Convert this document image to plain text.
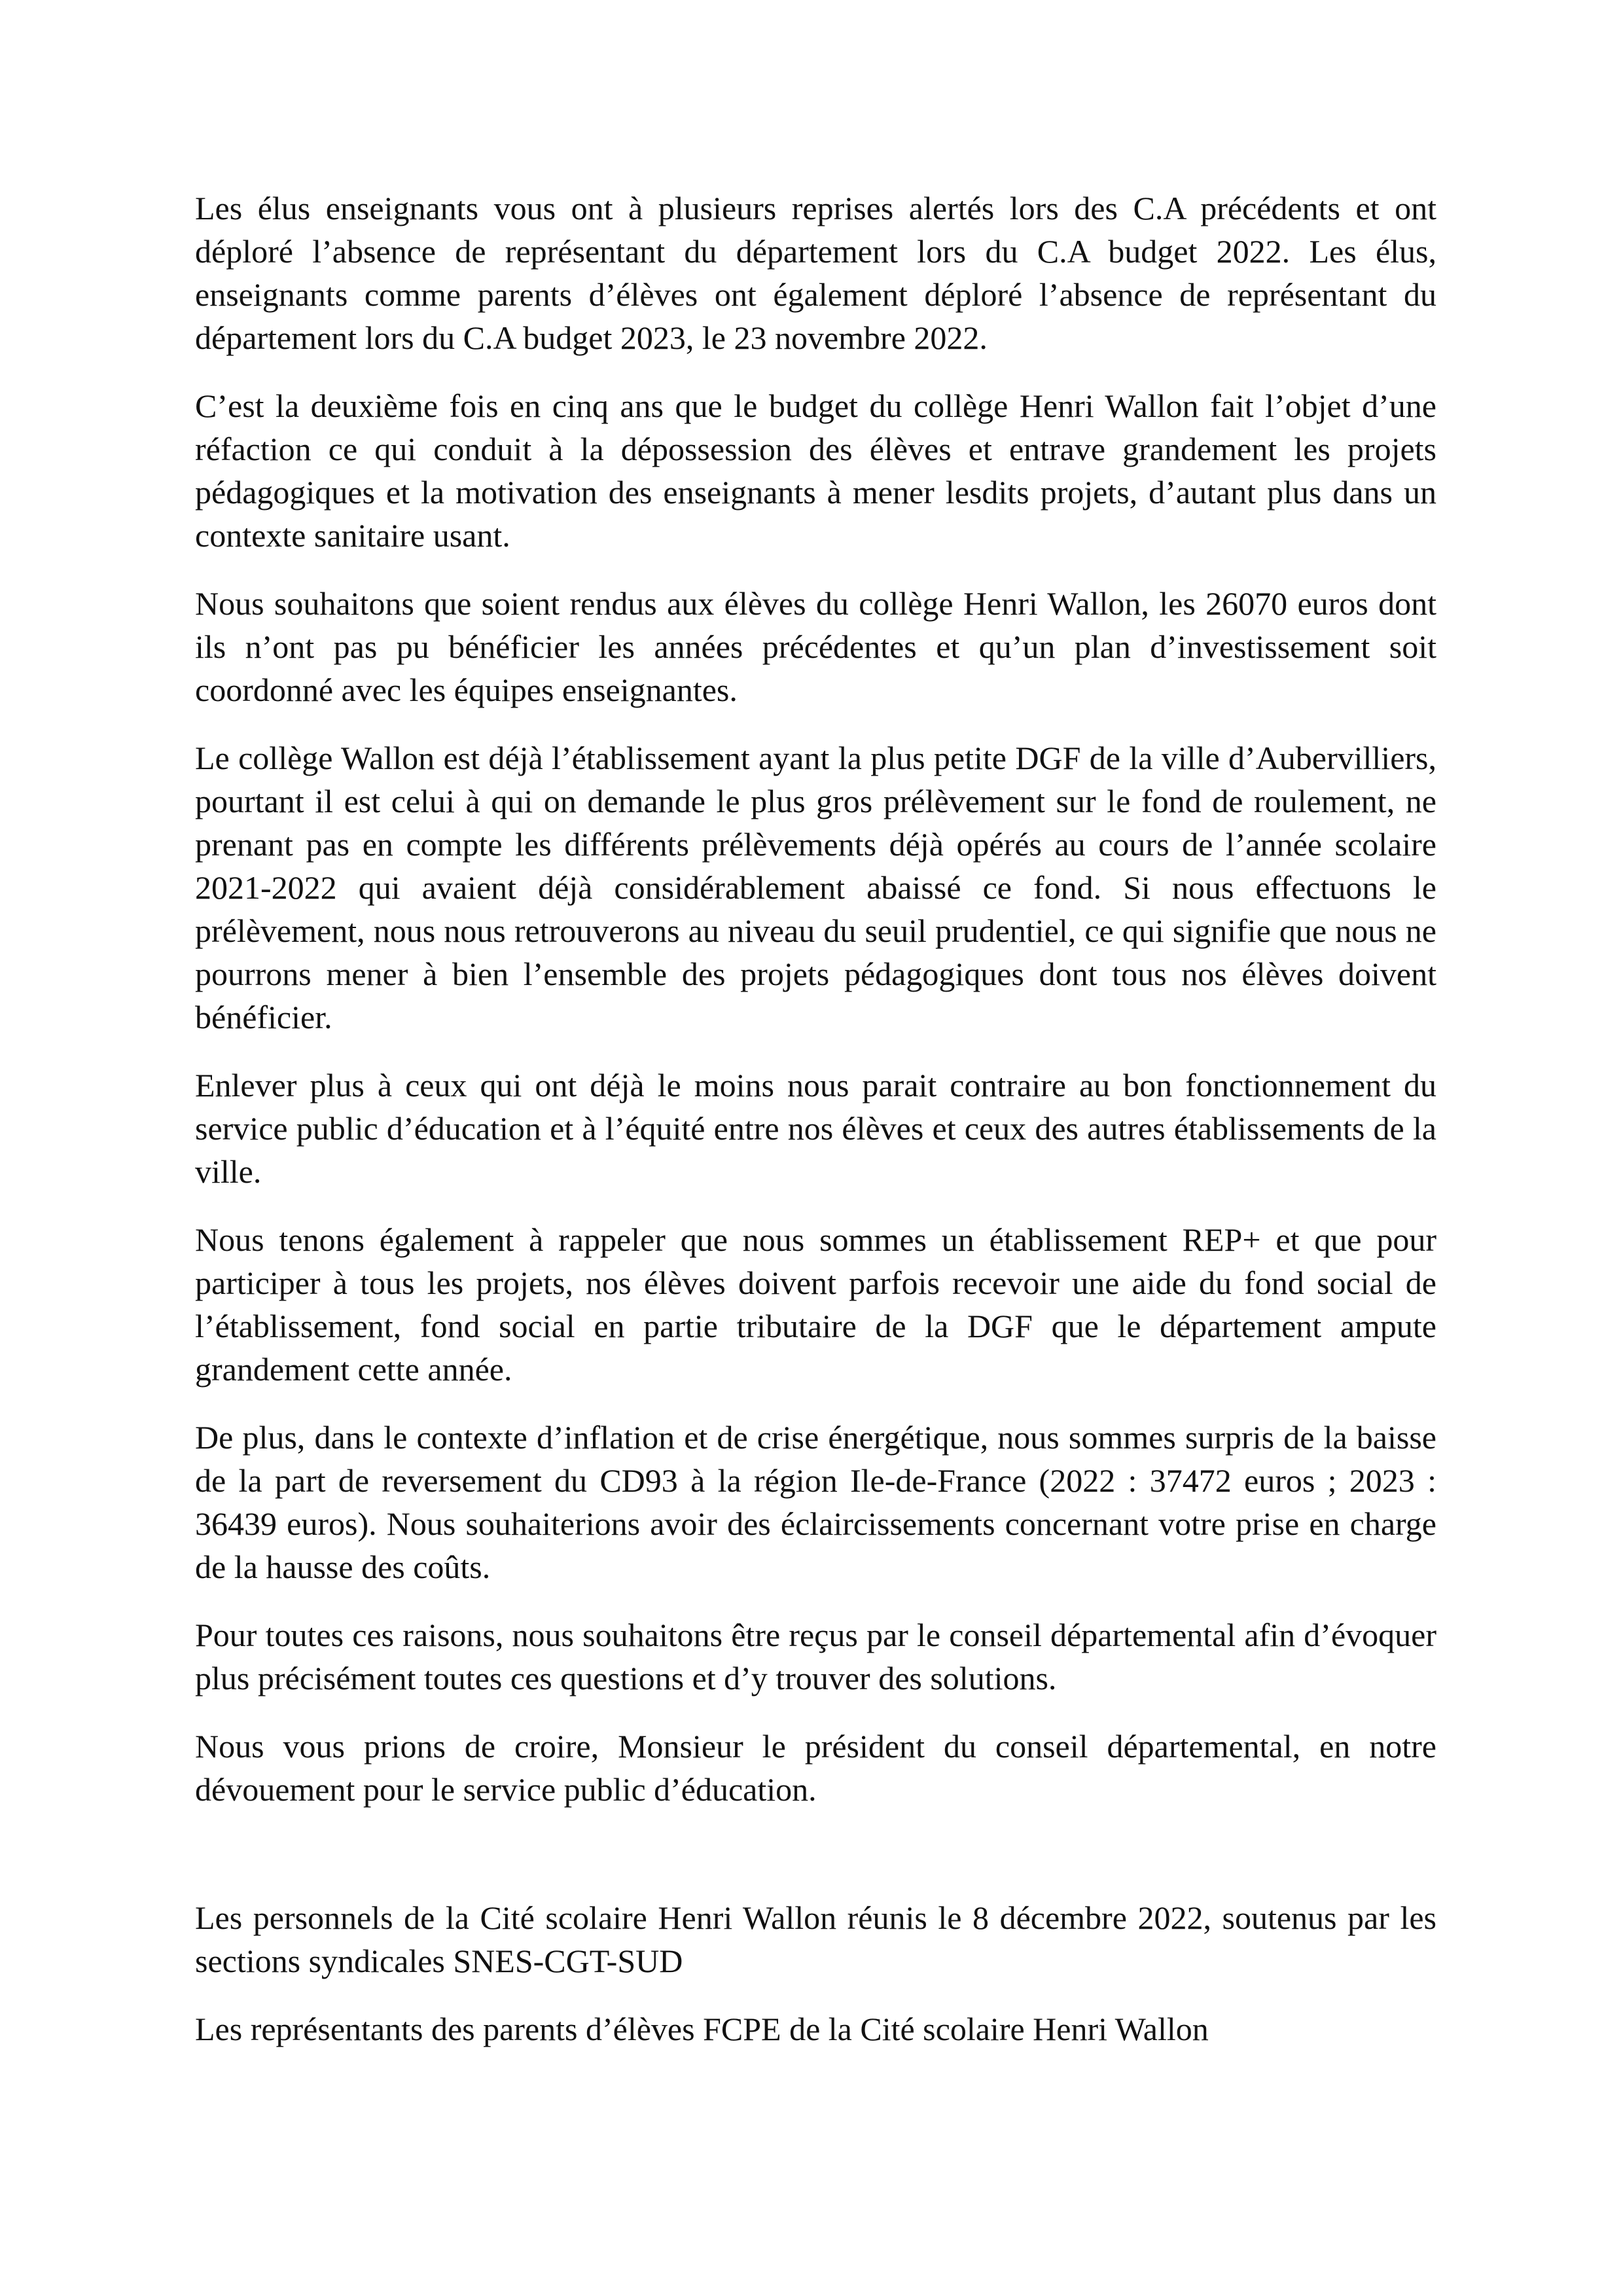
Les élus enseignants vous ont à plusieurs reprises alertés lors des C.A précédents et ont déploré l’absence de représentant du département lors du C.A budget 2022. Les élus, enseignants comme parents d’élèves ont également déploré l’absence de représentant du département lors du C.A budget 2023, le 23 novembre 2022.

C’est la deuxième fois en cinq ans que le budget du collège Henri Wallon fait l’objet d’une réfaction ce qui conduit à la dépossession des élèves et entrave grandement les projets pédagogiques et la motivation des enseignants à mener lesdits projets, d’autant plus dans un contexte sanitaire usant.

Nous souhaitons que soient rendus aux élèves du collège Henri Wallon, les 26070 euros dont ils n’ont pas pu bénéficier les années précédentes et qu’un plan d’investissement soit coordonné avec les équipes enseignantes.

Le collège Wallon est déjà l’établissement ayant la plus petite DGF de la ville d’Aubervilliers, pourtant il est celui à qui on demande le plus gros prélèvement sur le fond de roulement, ne prenant pas en compte les différents prélèvements déjà opérés au cours de l’année scolaire 2021-2022 qui avaient déjà considérablement abaissé ce fond. Si nous effectuons le prélèvement, nous nous retrouverons au niveau du seuil prudentiel, ce qui signifie que nous ne pourrons mener à bien l’ensemble des projets pédagogiques dont tous nos élèves doivent bénéficier.

Enlever plus à ceux qui ont déjà le moins nous parait contraire au bon fonctionnement du service public d’éducation et à l’équité entre nos élèves et ceux des autres établissements de la ville.

Nous tenons également à rappeler que nous sommes un établissement REP+ et que pour participer à tous les projets, nos élèves doivent parfois recevoir une aide du fond social de l’établissement, fond social en partie tributaire de la DGF que le département ampute grandement cette année.

De plus, dans le contexte d’inflation et de crise énergétique, nous sommes surpris de la baisse de la part de reversement du CD93 à la région Ile-de-France (2022 : 37472 euros ; 2023 : 36439 euros). Nous souhaiterions avoir des éclaircissements concernant votre prise en charge de la hausse des coûts.

Pour toutes ces raisons, nous souhaitons être reçus par le conseil départemental afin d’évoquer plus précisément toutes ces questions et d’y trouver des solutions.

Nous vous prions de croire, Monsieur le président du conseil départemental, en notre dévouement pour le service public d’éducation.

Les personnels de la Cité scolaire Henri Wallon réunis le 8 décembre 2022, soutenus par les sections syndicales SNES-CGT-SUD

Les représentants des parents d’élèves FCPE de la Cité scolaire Henri Wallon
